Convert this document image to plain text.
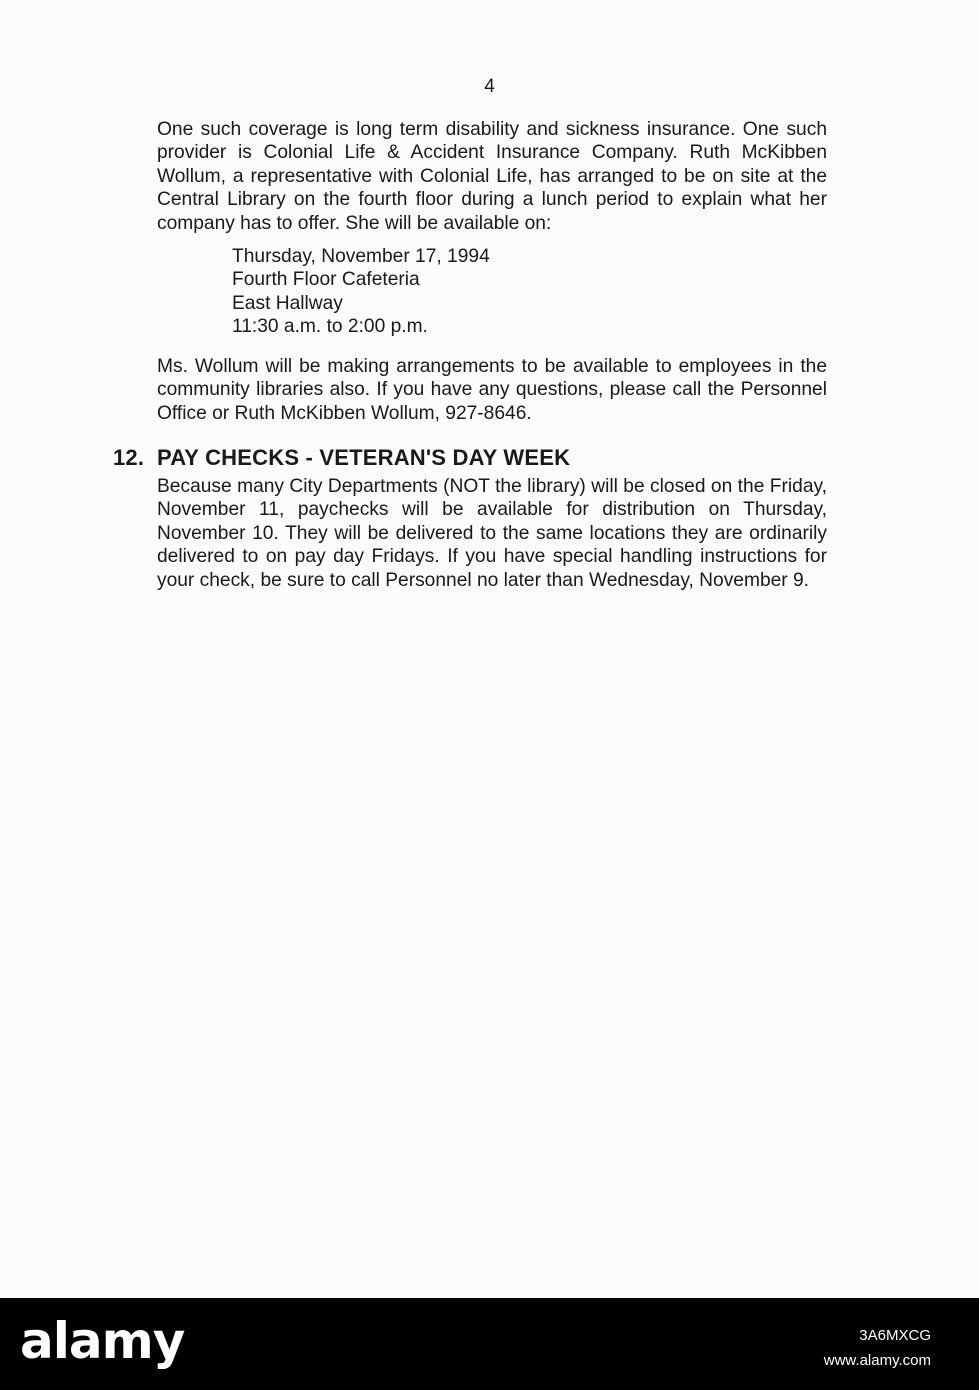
4

One such coverage is long term disability and sickness insurance. One such provider is Colonial Life & Accident Insurance Company. Ruth McKibben Wollum, a representative with Colonial Life, has arranged to be on site at the Central Library on the fourth floor during a lunch period to explain what her company has to offer. She will be available on:

Thursday, November 17, 1994
Fourth Floor Cafeteria
East Hallway
11:30 a.m. to 2:00 p.m.

Ms. Wollum will be making arrangements to be available to employees in the community libraries also. If you have any questions, please call the Personnel Office or Ruth McKibben Wollum, 927-8646.

12. PAY CHECKS - VETERAN'S DAY WEEK

Because many City Departments (NOT the library) will be closed on the Friday, November 11, paychecks will be available for distribution on Thursday, November 10. They will be delivered to the same locations they are ordinarily delivered to on pay day Fridays. If you have special handling instructions for your check, be sure to call Personnel no later than Wednesday, November 9.

alamy	3A6MXCG
www.alamy.com
